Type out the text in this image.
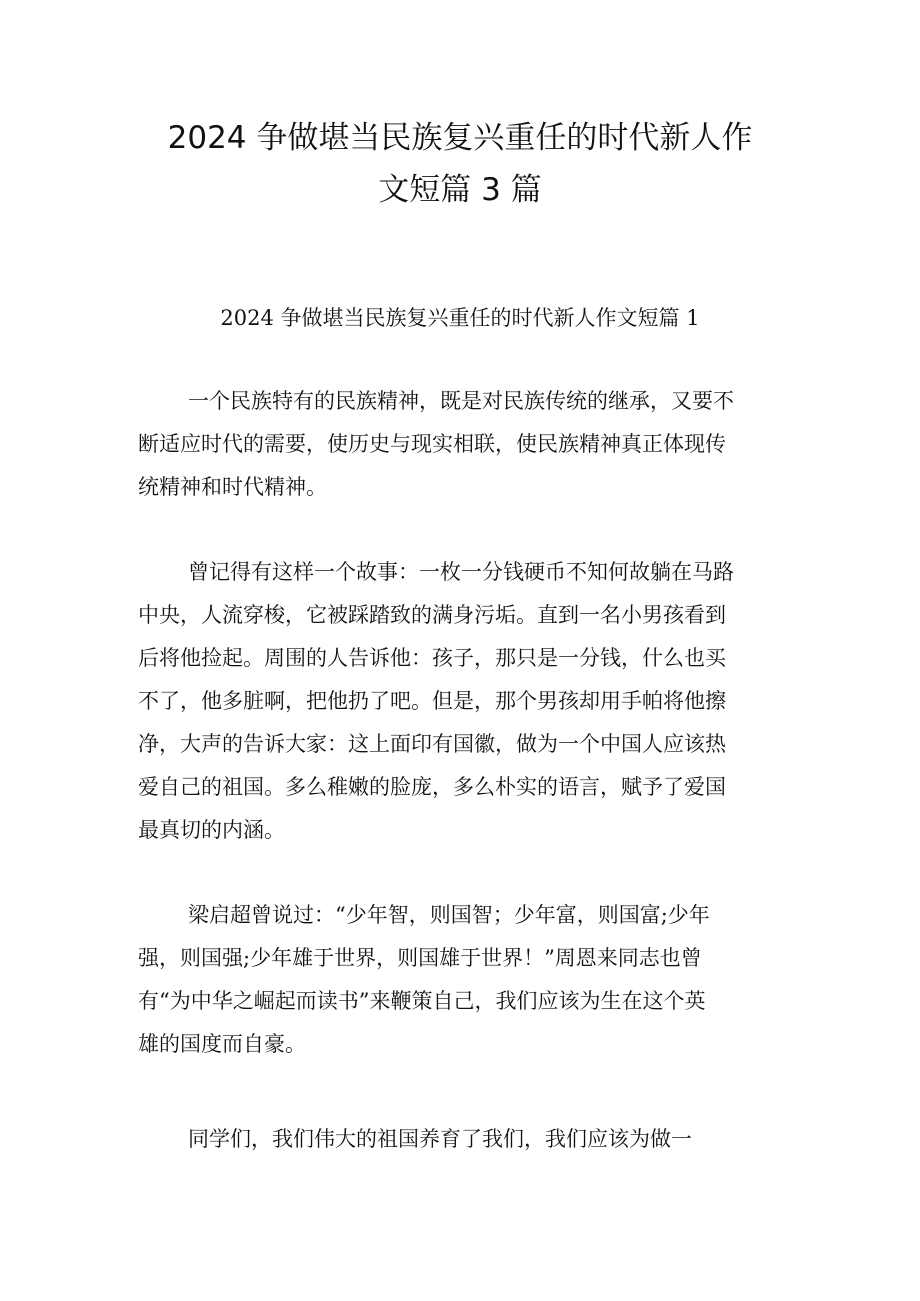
2024 争做堪当民族复兴重任的时代新人作
文短篇 3 篇
2024 争做堪当民族复兴重任的时代新人作文短篇 1
一个民族特有的民族精神，既是对民族传统的继承，又要不
断适应时代的需要，使历史与现实相联，使民族精神真正体现传
统精神和时代精神。
曾记得有这样一个故事：一枚一分钱硬币不知何故躺在马路
中央，人流穿梭，它被踩踏致的满身污垢。直到一名小男孩看到
后将他捡起。周围的人告诉他：孩子，那只是一分钱，什么也买
不了，他多脏啊，把他扔了吧。但是，那个男孩却用手帕将他擦
净，大声的告诉大家：这上面印有国徽，做为一个中国人应该热
爱自己的祖国。多么稚嫩的脸庞，多么朴实的语言，赋予了爱国
最真切的内涵。
梁启超曾说过：“少年智，则国智；少年富，则国富;少年
强，则国强;少年雄于世界，则国雄于世界！”周恩来同志也曾
有“为中华之崛起而读书”来鞭策自己，我们应该为生在这个英
雄的国度而自豪。
同学们，我们伟大的祖国养育了我们，我们应该为做一
